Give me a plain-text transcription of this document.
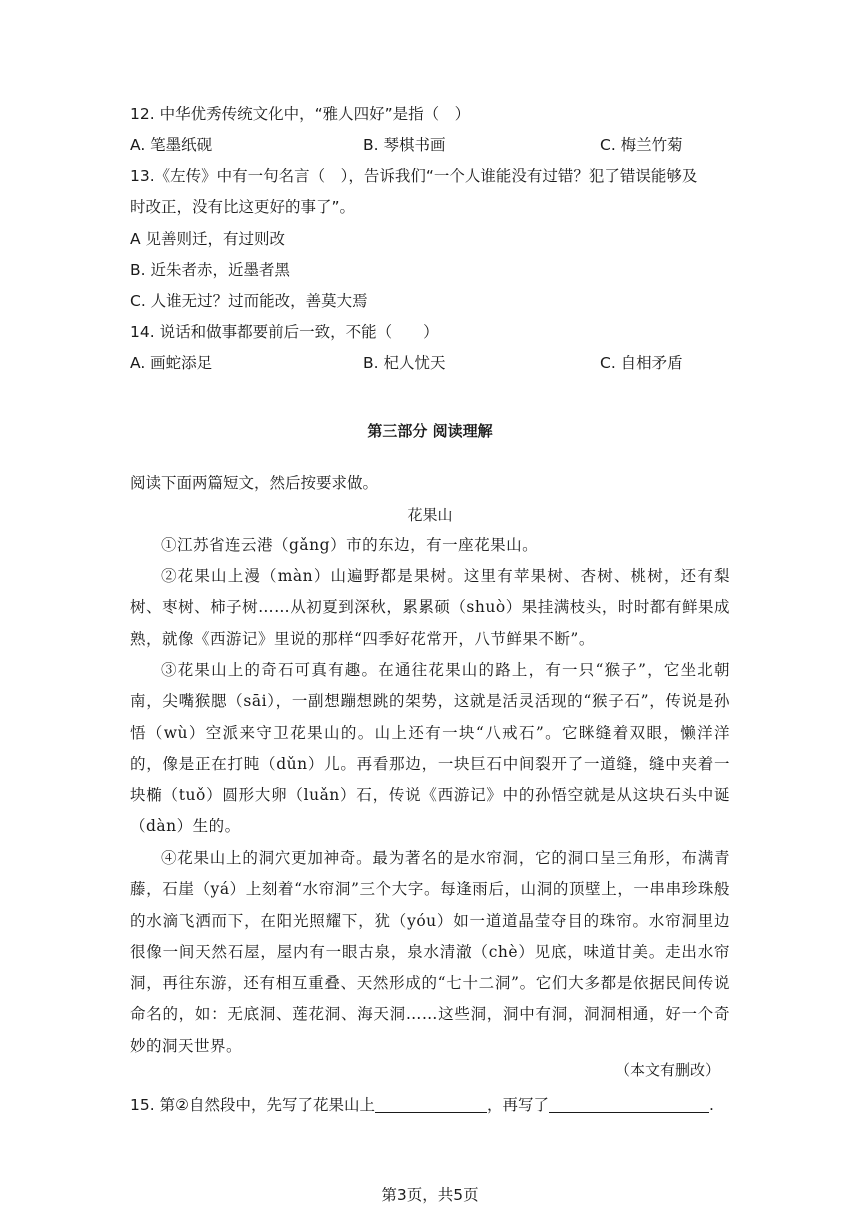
12. 中华优秀传统文化中，“雅人四好”是指（　）
A. 笔墨纸砚	B. 琴棋书画	C. 梅兰竹菊
13.《左传》中有一句名言（　），告诉我们“一个人谁能没有过错？犯了错误能够及
时改正，没有比这更好的事了”。
A 见善则迁，有过则改
B. 近朱者赤，近墨者黑
C. 人谁无过？过而能改，善莫大焉
14. 说话和做事都要前后一致，不能（　　）
A. 画蛇添足	B. 杞人忧天	C. 自相矛盾
第三部分 阅读理解
阅读下面两篇短文，然后按要求做。
花果山
①江苏省连云港（gǎng）市的东边，有一座花果山。
②花果山上漫（màn）山遍野都是果树。这里有苹果树、杏树、桃树，还有梨树、枣树、柿子树……从初夏到深秋，累累硕（shuò）果挂满枝头，时时都有鲜果成熟，就像《西游记》里说的那样“四季好花常开，八节鲜果不断”。
③花果山上的奇石可真有趣。在通往花果山的路上，有一只“猴子”，它坐北朝南，尖嘴猴腮（sāi），一副想蹦想跳的架势，这就是活灵活现的“猴子石”，传说是孙悟（wù）空派来守卫花果山的。山上还有一块“八戒石”。它眯缝着双眼，懒洋洋的，像是正在打盹（dǔn）儿。再看那边，一块巨石中间裂开了一道缝，缝中夹着一块椭（tuǒ）圆形大卵（luǎn）石，传说《西游记》中的孙悟空就是从这块石头中诞（dàn）生的。
④花果山上的洞穴更加神奇。最为著名的是水帘洞，它的洞口呈三角形，布满青藤，石崖（yá）上刻着“水帘洞”三个大字。每逢雨后，山洞的顶壁上，一串串珍珠般的水滴飞洒而下，在阳光照耀下，犹（yóu）如一道道晶莹夺目的珠帘。水帘洞里边很像一间天然石屋，屋内有一眼古泉，泉水清澈（chè）见底，味道甘美。走出水帘洞，再往东游，还有相互重叠、天然形成的“七十二洞”。它们大多都是依据民间传说命名的，如：无底洞、莲花洞、海天洞……这些洞，洞中有洞，洞洞相通，好一个奇妙的洞天世界。
（本文有删改）
15. 第②自然段中，先写了花果山上	，再写了	.
第3页，共5页
